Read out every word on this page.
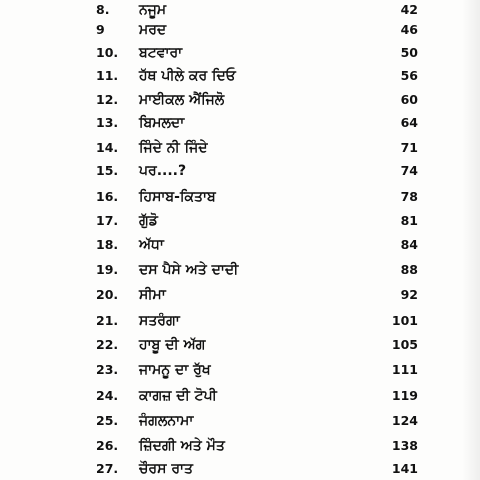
8. ਨਜੂਮ	42
9 ਮਰਦ	46
10. ਬਟਵਾਰਾ	50
11. ਹੱਥ ਪੀਲੇ ਕਰ ਦਿਓ	56
12. ਮਾਈਕਲ ਐਂਜਿਲੋ	60
13. ਬਿਮਲਦਾ	64
14. ਜਿੰਦੇ ਨੀ ਜਿੰਦੇ	71
15. ਪਰ....?	74
16. ਹਿਸਾਬ-ਕਿਤਾਬ	78
17. ਗੁੱਡੋ	81
18. ਅੱਧਾ	84
19. ਦਸ ਪੈਸੇ ਅਤੇ ਦਾਦੀ	88
20. ਸੀਮਾ	92
21. ਸਤਰੰਗਾ	101
22. ਹਾਬੂ ਦੀ ਅੱਗ	105
23. ਜਾਮਨੂ ਦਾ ਰੁੱਖ	111
24. ਕਾਗਜ਼ ਦੀ ਟੋਪੀ	119
25. ਜੰਗਲਨਾਮਾ	124
26. ਜ਼ਿੰਦਗੀ ਅਤੇ ਮੌਤ	138
27. ਚੌਰਸ ਰਾਤ	141
